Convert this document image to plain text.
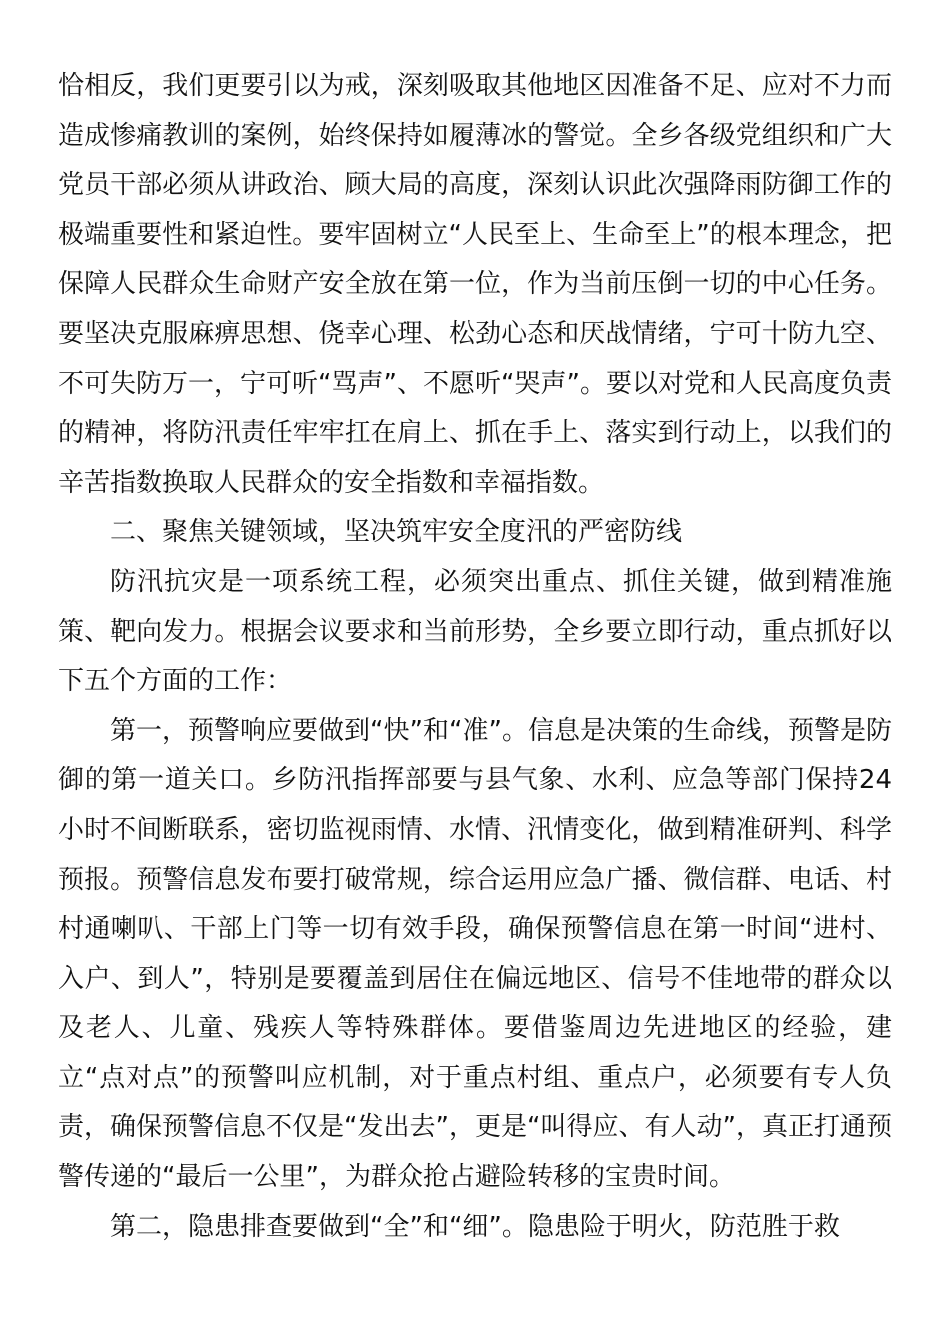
恰相反，我们更要引以为戒，深刻吸取其他地区因准备不足、应对不力而造成惨痛教训的案例，始终保持如履薄冰的警觉。全乡各级党组织和广大党员干部必须从讲政治、顾大局的高度，深刻认识此次强降雨防御工作的极端重要性和紧迫性。要牢固树立“人民至上、生命至上”的根本理念，把保障人民群众生命财产安全放在第一位，作为当前压倒一切的中心任务。要坚决克服麻痹思想、侥幸心理、松劲心态和厌战情绪，宁可十防九空、不可失防万一，宁可听“骂声”、不愿听“哭声”。要以对党和人民高度负责的精神，将防汛责任牢牢扛在肩上、抓在手上、落实到行动上，以我们的辛苦指数换取人民群众的安全指数和幸福指数。

二、聚焦关键领域，坚决筑牢安全度汛的严密防线

防汛抗灾是一项系统工程，必须突出重点、抓住关键，做到精准施策、靶向发力。根据会议要求和当前形势，全乡要立即行动，重点抓好以下五个方面的工作：

第一，预警响应要做到“快”和“准”。信息是决策的生命线，预警是防御的第一道关口。乡防汛指挥部要与县气象、水利、应急等部门保持24小时不间断联系，密切监视雨情、水情、汛情变化，做到精准研判、科学预报。预警信息发布要打破常规，综合运用应急广播、微信群、电话、村村通喇叭、干部上门等一切有效手段，确保预警信息在第一时间“进村、入户、到人”，特别是要覆盖到居住在偏远地区、信号不佳地带的群众以及老人、儿童、残疾人等特殊群体。要借鉴周边先进地区的经验，建立“点对点”的预警叫应机制，对于重点村组、重点户，必须要有专人负责，确保预警信息不仅是“发出去”，更是“叫得应、有人动”，真正打通预警传递的“最后一公里”，为群众抢占避险转移的宝贵时间。

第二，隐患排查要做到“全”和“细”。隐患险于明火，防范胜于救
